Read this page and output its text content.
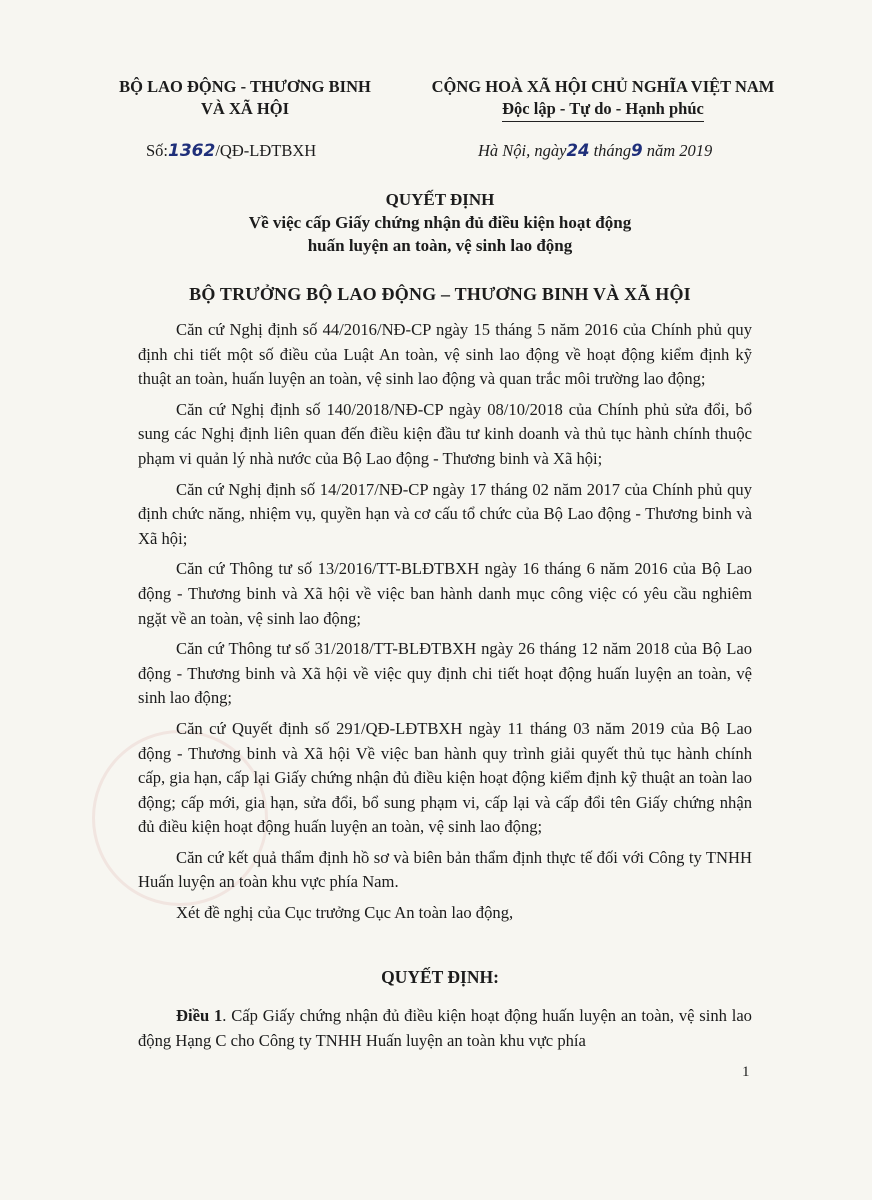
BỘ LAO ĐỘNG - THƯƠNG BINH
VÀ XÃ HỘI
Số:1362/QĐ-LĐTBXH
CỘNG HOÀ XÃ HỘI CHỦ NGHĨA VIỆT NAM
Độc lập - Tự do - Hạnh phúc
Hà Nội, ngày24 tháng9 năm 2019
QUYẾT ĐỊNH
Về việc cấp Giấy chứng nhận đủ điều kiện hoạt động
huấn luyện an toàn, vệ sinh lao động
BỘ TRƯỞNG BỘ LAO ĐỘNG – THƯƠNG BINH VÀ XÃ HỘI

Căn cứ Nghị định số 44/2016/NĐ-CP ngày 15 tháng 5 năm 2016 của Chính phủ quy định chi tiết một số điều của Luật An toàn, vệ sinh lao động về hoạt động kiểm định kỹ thuật an toàn, huấn luyện an toàn, vệ sinh lao động và quan trắc môi trường lao động;

Căn cứ Nghị định số 140/2018/NĐ-CP ngày 08/10/2018 của Chính phủ sửa đổi, bổ sung các Nghị định liên quan đến điều kiện đầu tư kinh doanh và thủ tục hành chính thuộc phạm vi quản lý nhà nước của Bộ Lao động - Thương binh và Xã hội;

Căn cứ Nghị định số 14/2017/NĐ-CP ngày 17 tháng 02 năm 2017 của Chính phủ quy định chức năng, nhiệm vụ, quyền hạn và cơ cấu tổ chức của Bộ Lao động - Thương binh và Xã hội;

Căn cứ Thông tư số 13/2016/TT-BLĐTBXH ngày 16 tháng 6 năm 2016 của Bộ Lao động - Thương binh và Xã hội về việc ban hành danh mục công việc có yêu cầu nghiêm ngặt về an toàn, vệ sinh lao động;

Căn cứ Thông tư số 31/2018/TT-BLĐTBXH ngày 26 tháng 12 năm 2018 của Bộ Lao động - Thương binh và Xã hội về việc quy định chi tiết hoạt động huấn luyện an toàn, vệ sinh lao động;

Căn cứ Quyết định số 291/QĐ-LĐTBXH ngày 11 tháng 03 năm 2019 của Bộ Lao động - Thương binh và Xã hội Về việc ban hành quy trình giải quyết thủ tục hành chính cấp, gia hạn, cấp lại Giấy chứng nhận đủ điều kiện hoạt động kiểm định kỹ thuật an toàn lao động; cấp mới, gia hạn, sửa đổi, bổ sung phạm vi, cấp lại và cấp đổi tên Giấy chứng nhận đủ điều kiện hoạt động huấn luyện an toàn, vệ sinh lao động;

Căn cứ kết quả thẩm định hồ sơ và biên bản thẩm định thực tế đối với Công ty TNHH Huấn luyện an toàn khu vực phía Nam.

Xét đề nghị của Cục trưởng Cục An toàn lao động,

QUYẾT ĐỊNH:

Điều 1. Cấp Giấy chứng nhận đủ điều kiện hoạt động huấn luyện an toàn, vệ sinh lao động Hạng C cho Công ty TNHH Huấn luyện an toàn khu vực phía

1
